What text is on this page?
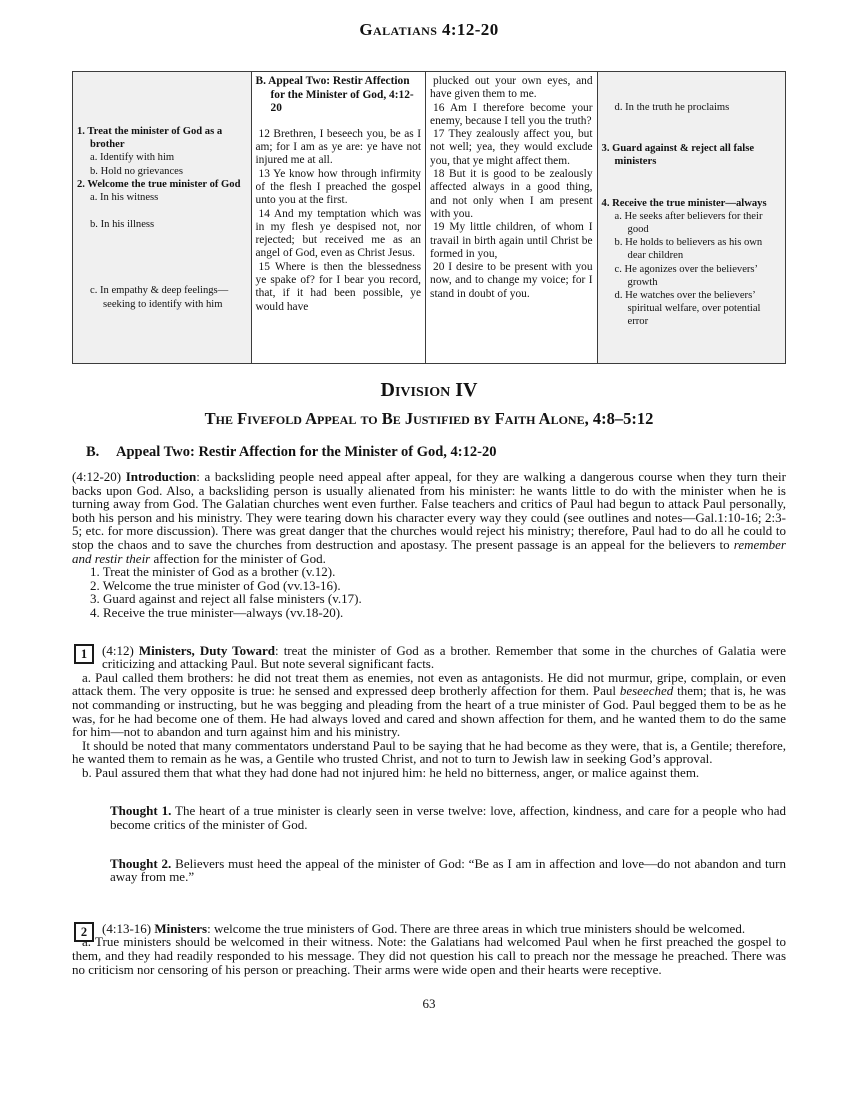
Galatians 4:12-20

1. Treat the minister of God as a brother

a. Identify with him

b. Hold no grievances

2. Welcome the true minister of God

a. In his witness

b. In his illness

c. In empathy & deep feelings—seeking to identify with him

B. Appeal Two: Restir Affection for the Minister of God, 4:12-20

12 Brethren, I beseech you, be as I am; for I am as ye are: ye have not injured me at all.

13 Ye know how through infirmity of the flesh I preached the gospel unto you at the first.

14 And my temptation which was in my flesh ye despised not, nor rejected; but received me as an angel of God, even as Christ Jesus.

15 Where is then the blessedness ye spake of? for I bear you record, that, if it had been possible, ye would have

plucked out your own eyes, and have given them to me.

16 Am I therefore become your enemy, because I tell you the truth?

17 They zealously affect you, but not well; yea, they would exclude you, that ye might affect them.

18 But it is good to be zealously affected always in a good thing, and not only when I am present with you.

19 My little children, of whom I travail in birth again until Christ be formed in you,

20 I desire to be present with you now, and to change my voice; for I stand in doubt of you.

d. In the truth he proclaims

3. Guard against & reject all false ministers

4. Receive the true minister—always

a. He seeks after believers for their good

b. He holds to believers as his own dear children

c. He agonizes over the believers’ growth

d. He watches over the believers’ spiritual welfare, over potential error

Division IV

The Fivefold Appeal to Be Justified by Faith Alone, 4:8–5:12

B. Appeal Two: Restir Affection for the Minister of God, 4:12-20

(4:12-20) Introduction: a backsliding people need appeal after appeal, for they are walking a dangerous course when they turn their backs upon God. Also, a backsliding person is usually alienated from his minister: he wants little to do with the minister when he is turning away from God. The Galatian churches went even further. False teachers and critics of Paul had begun to attack Paul personally, both his person and his ministry. They were tearing down his character every way they could (see outlines and notes—Gal.1:10-16; 2:3-5; etc. for more discussion). There was great danger that the churches would reject his ministry; therefore, Paul had to do all he could to stop the chaos and to save the churches from destruction and apostasy. The present passage is an appeal for the believers to remember and restir their affection for the minister of God.

1. Treat the minister of God as a brother (v.12).

2. Welcome the true minister of God (vv.13-16).

3. Guard against and reject all false ministers (v.17).

4. Receive the true minister—always (vv.18-20).

1	(4:12) Ministers, Duty Toward: treat the minister of God as a brother. Remember that some in the churches of Galatia were criticizing and attacking Paul. But note several significant facts.

a. Paul called them brothers: he did not treat them as enemies, not even as antagonists. He did not murmur, gripe, complain, or even attack them. The very opposite is true: he sensed and expressed deep brotherly affection for them. Paul beseeched them; that is, he was not commanding or instructing, but he was begging and pleading from the heart of a true minister of God. Paul begged them to be as he was, for he had become one of them. He had always loved and cared and shown affection for them, and he wanted them to do the same for him—not to abandon and turn against him and his ministry.

It should be noted that many commentators understand Paul to be saying that he had become as they were, that is, a Gentile; therefore, he wanted them to remain as he was, a Gentile who trusted Christ, and not to turn to Jewish law in seeking God’s approval.

b. Paul assured them that what they had done had not injured him: he held no bitterness, anger, or malice against them.

Thought 1. The heart of a true minister is clearly seen in verse twelve: love, affection, kindness, and care for a people who had become critics of the minister of God.

Thought 2. Believers must heed the appeal of the minister of God: “Be as I am in affection and love—do not abandon and turn away from me.”

2	(4:13-16) Ministers: welcome the true ministers of God. There are three areas in which true ministers should be welcomed.

a. True ministers should be welcomed in their witness. Note: the Galatians had welcomed Paul when he first preached the gospel to them, and they had readily responded to his message. They did not question his call to preach nor the message he preached. There was no criticism nor censoring of his person or preaching. Their arms were wide open and their hearts were receptive.

63
